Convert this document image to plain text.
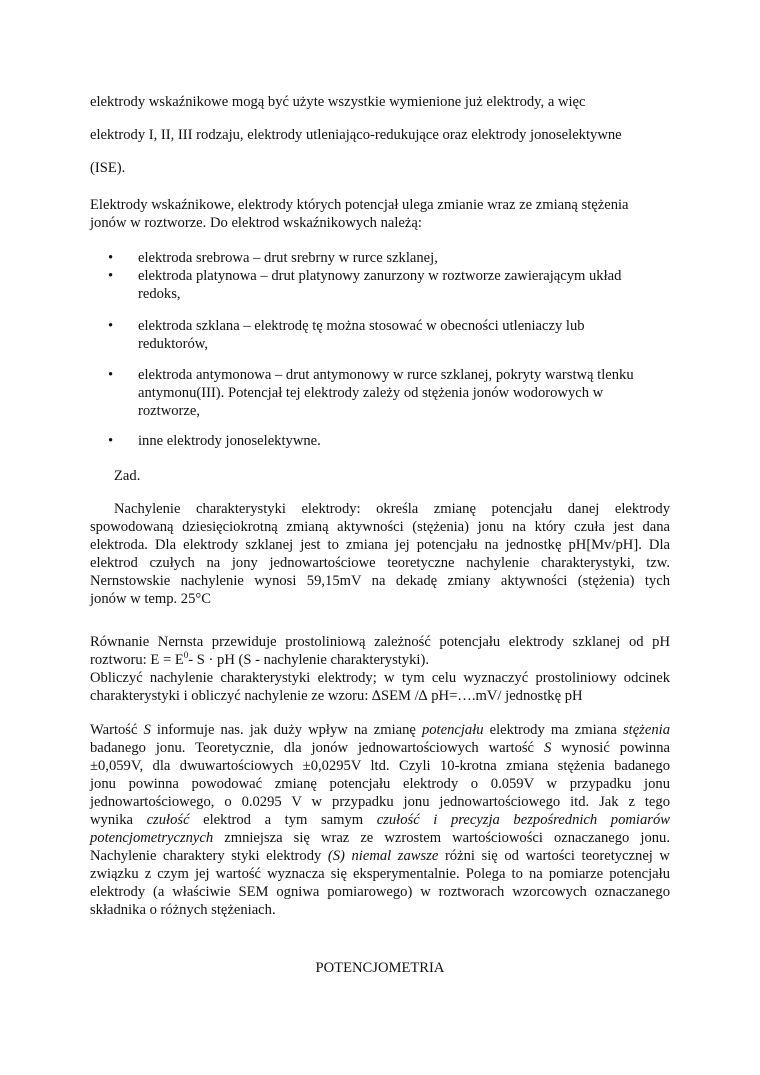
elektrody wskaźnikowe mogą być użyte wszystkie wymienione już elektrody, a więc

elektrody I, II, III rodzaju, elektrody utleniająco-redukujące oraz elektrody jonoselektywne

(ISE).

Elektrody wskaźnikowe, elektrody których potencjał ulega zmianie wraz ze zmianą stężenia

jonów w roztworze. Do elektrod wskaźnikowych należą:

• elektroda srebrowa – drut srebrny w rurce szklanej,
• elektroda platynowa – drut platynowy zanurzony w roztworze zawierającym układ
redoks,
• elektroda szklana – elektrodę tę można stosować w obecności utleniaczy lub
reduktorów,
• elektroda antymonowa – drut antymonowy w rurce szklanej, pokryty warstwą tlenku
antymonu(III). Potencjał tej elektrody zależy od stężenia jonów wodorowych w
roztworze,
• inne elektrody jonoselektywne.

Zad.

Nachylenie charakterystyki elektrody: określa zmianę potencjału danej elektrody
spowodowaną dziesięciokrotną zmianą aktywności (stężenia) jonu na który czuła jest dana
elektroda. Dla elektrody szklanej jest to zmiana jej potencjału na jednostkę pH[Mv/pH]. Dla
elektrod czułych na jony jednowartościowe teoretyczne nachylenie charakterystyki, tzw.
Nernstowskie nachylenie wynosi 59,15mV na dekadę zmiany aktywności (stężenia) tych
jonów w temp. 25°C
Równanie Nernsta przewiduje prostoliniową zależność potencjału elektrody szklanej od pH
roztworu: $E = E^0-$ S · pH (S - nachylenie charakterystyki).
Obliczyć nachylenie charakterystyki elektrody; w tym celu wyznaczyć prostoliniowy odcinek
charakterystyki i obliczyć nachylenie ze wzoru: ∆SEM /∆ pH=….mV/ jednostkę pH
Wartość S informuje nas. jak duży wpływ na zmianę potencjału elektrody ma zmiana stężenia
badanego jonu. Teoretycznie, dla jonów jednowartościowych wartość S wynosić powinna
±0,059V, dla dwuwartościowych ±0,0295V ltd. Czyli 10-krotna zmiana stężenia badanego
jonu powinna powodować zmianę potencjału elektrody o 0.059V w przypadku jonu
jednowartościowego, o 0.0295 V w przypadku jonu jednowartościowego itd. Jak z tego
wynika czułość elektrod a tym samym czułość i precyzja bezpośrednich pomiarów
potencjometrycznych zmniejsza się wraz ze wzrostem wartościowości oznaczanego jonu.
Nachylenie charaktery styki elektrody (S) niemal zawsze różni się od wartości teoretycznej w
związku z czym jej wartość wyznacza się eksperymentalnie. Polega to na pomiarze potencjału
elektrody (a właściwie SEM ogniwa pomiarowego) w roztworach wzorcowych oznaczanego
składnika o różnych stężeniach.
POTENCJOMETRIA
